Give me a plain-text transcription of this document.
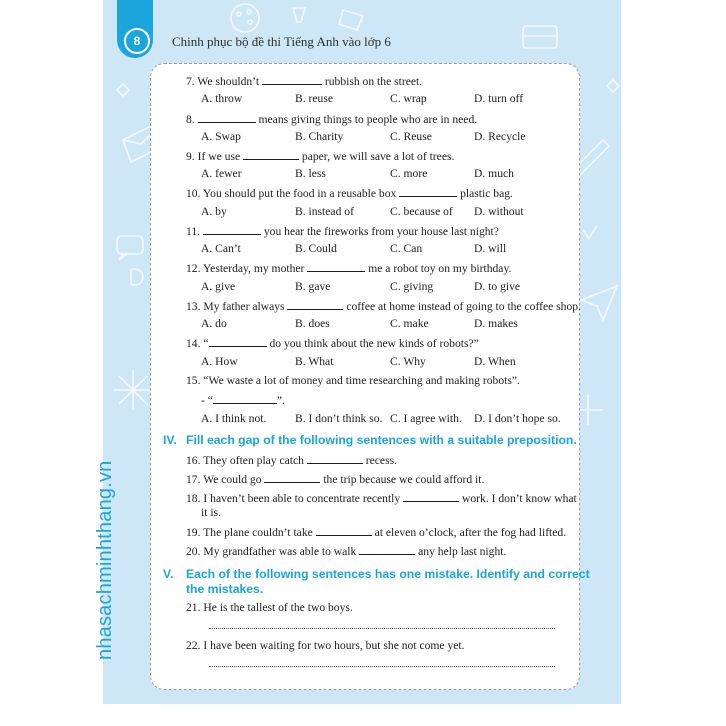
8	Chinh phục bộ đề thi Tiếng Anh vào lớp 6
nhasachminhthang.vn
7. We shouldn’t	rubbish on the street.
A. throw	B. reuse	C. wrap	D. turn off
8.	means giving things to people who are in need.
A. Swap	B. Charity	C. Reuse	D. Recycle
9. If we use	paper, we will save a lot of trees.
A. fewer	B. less	C. more	D. much
10. You should put the food in a reusable box	plastic bag.
A. by	B. instead of	C. because of D. without
11.	you hear the fireworks from your house last night?
A. Can’t	B. Could	C. Can	D. will
12. Yesterday, my mother	me a robot toy on my birthday.
A. give	B. gave	C. giving	D. to give
13. My father always	coffee at home instead of going to the coffee shop.
A. do	B. does	C. make	D. makes
14. “	do you think about the new kinds of robots?”
A. How	B. What	C. Why	D. When
15. “We waste a lot of money and time researching and making robots”.
- “	”.
A. I think not. B. I don’t think so. C. I agree with. D. I don’t hope so.
IV. Fill each gap of the following sentences with a suitable preposition.
16. They often play catch	recess.
17. We could go	the trip because we could afford it.
18. I haven’t been able to concentrate recently	work. I don’t know what
it is.
19. The plane couldn’t take	at eleven o’clock, after the fog had lifted.
20. My grandfather was able to walk	any help last night.
V. Each of the following sentences has one mistake. Identify and correct
the mistakes.
21. He is the tallest of the two boys.
22. I have been waiting for two hours, but she not come yet.
